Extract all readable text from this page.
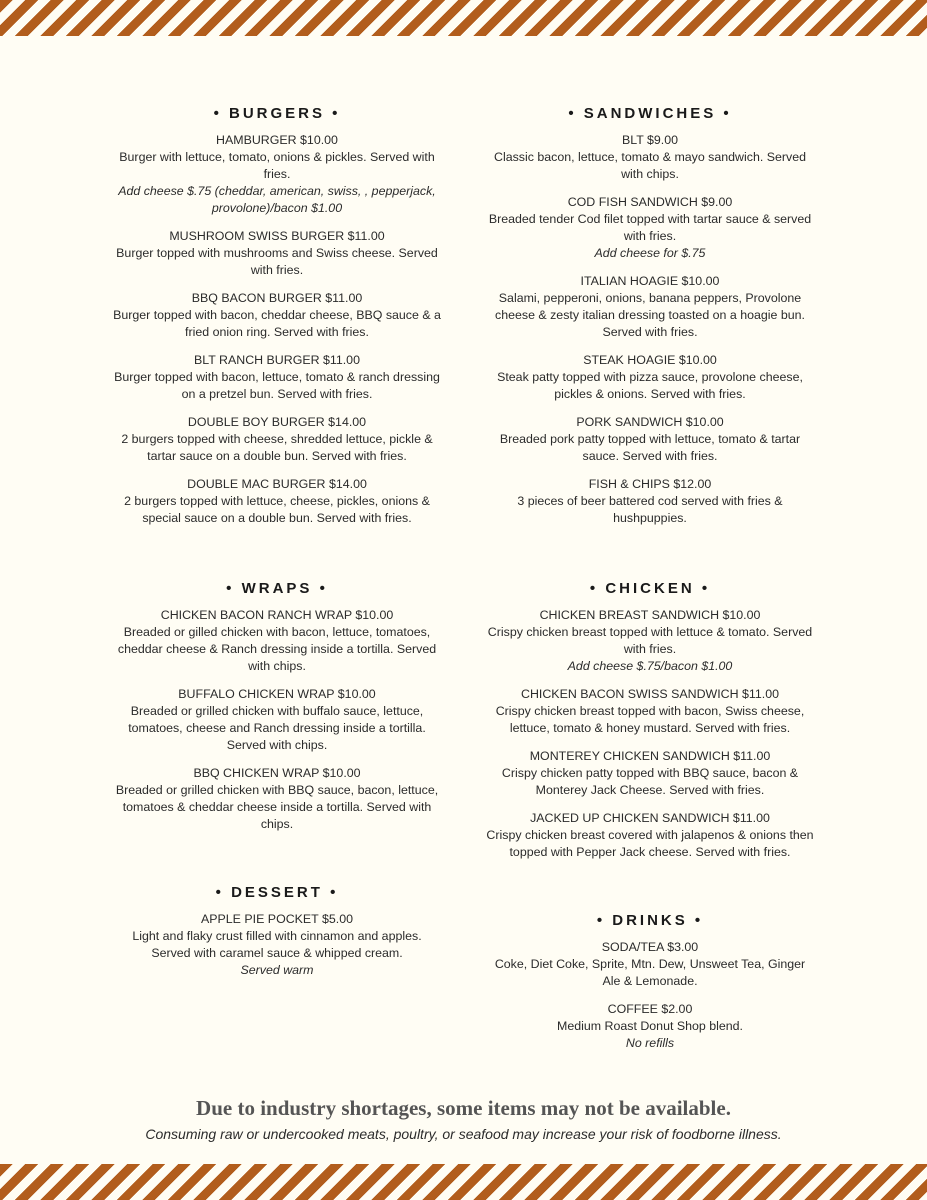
• BURGERS •
HAMBURGER $10.00
Burger with lettuce, tomato, onions & pickles. Served with fries.
Add cheese $.75 (cheddar, american, swiss, , pepperjack, provolone)/bacon $1.00
MUSHROOM SWISS BURGER $11.00
Burger topped with mushrooms and Swiss cheese. Served with fries.
BBQ BACON BURGER $11.00
Burger topped with bacon, cheddar cheese, BBQ sauce & a fried onion ring. Served with fries.
BLT RANCH BURGER $11.00
Burger topped with bacon, lettuce, tomato & ranch dressing on a pretzel bun. Served with fries.
DOUBLE BOY BURGER $14.00
2 burgers topped with cheese, shredded lettuce, pickle & tartar sauce on a double bun. Served with fries.
DOUBLE MAC BURGER $14.00
2 burgers topped with lettuce, cheese, pickles, onions & special sauce on a double bun. Served with fries.
• WRAPS •
CHICKEN BACON RANCH WRAP $10.00
Breaded or gilled chicken with bacon, lettuce, tomatoes, cheddar cheese & Ranch dressing inside a tortilla. Served with chips.
BUFFALO CHICKEN WRAP $10.00
Breaded or grilled chicken with buffalo sauce, lettuce, tomatoes, cheese and Ranch dressing inside a tortilla. Served with chips.
BBQ CHICKEN WRAP $10.00
Breaded or grilled chicken with BBQ sauce, bacon, lettuce, tomatoes & cheddar cheese inside a tortilla. Served with chips.
• DESSERT •
APPLE PIE POCKET $5.00
Light and flaky crust filled with cinnamon and apples. Served with caramel sauce & whipped cream.
Served warm
• SANDWICHES •
BLT $9.00
Classic bacon, lettuce, tomato & mayo sandwich. Served with chips.
COD FISH SANDWICH $9.00
Breaded tender Cod filet topped with tartar sauce & served with fries.
Add cheese for $.75
ITALIAN HOAGIE $10.00
Salami, pepperoni, onions, banana peppers, Provolone cheese & zesty italian dressing toasted on a hoagie bun. Served with fries.
STEAK HOAGIE $10.00
Steak patty topped with pizza sauce, provolone cheese, pickles & onions. Served with fries.
PORK SANDWICH $10.00
Breaded pork patty topped with lettuce, tomato & tartar sauce. Served with fries.
FISH & CHIPS $12.00
3 pieces of beer battered cod served with fries & hushpuppies.
• CHICKEN •
CHICKEN BREAST SANDWICH $10.00
Crispy chicken breast topped with lettuce & tomato. Served with fries.
Add cheese $.75/bacon $1.00
CHICKEN BACON SWISS SANDWICH $11.00
Crispy chicken breast topped with bacon, Swiss cheese, lettuce, tomato & honey mustard. Served with fries.
MONTEREY CHICKEN SANDWICH $11.00
Crispy chicken patty topped with BBQ sauce, bacon & Monterey Jack Cheese. Served with fries.
JACKED UP CHICKEN SANDWICH $11.00
Crispy chicken breast covered with jalapenos & onions then topped with Pepper Jack cheese. Served with fries.
• DRINKS •
SODA/TEA $3.00
Coke, Diet Coke, Sprite, Mtn. Dew, Unsweet Tea, Ginger Ale & Lemonade.
COFFEE $2.00
Medium Roast Donut Shop blend.
No refills
Due to industry shortages, some items may not be available.
Consuming raw or undercooked meats, poultry, or seafood may increase your risk of foodborne illness.
